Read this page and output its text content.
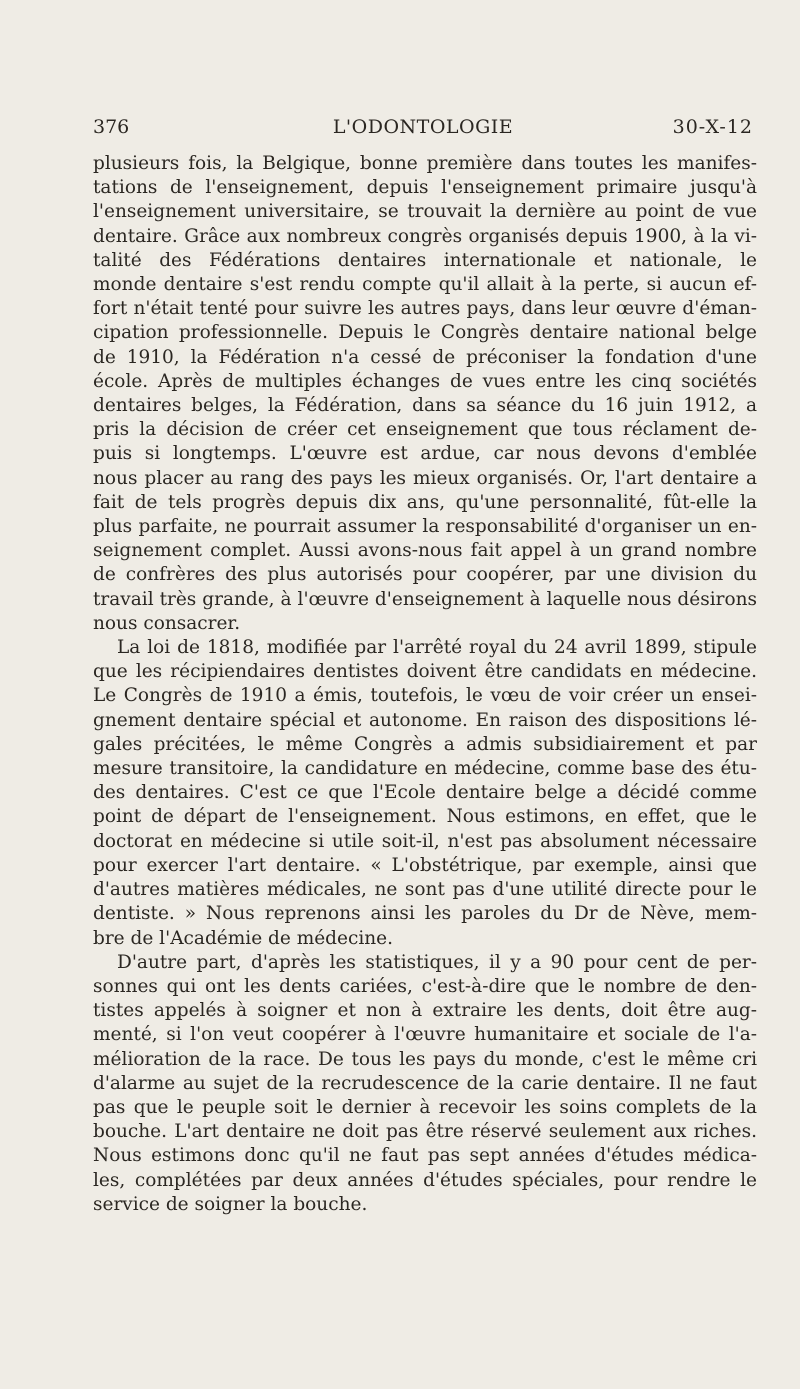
376	L'ODONTOLOGIE	30-X-12
plusieurs fois, la Belgique, bonne première dans toutes les manifes-
tations de l'enseignement, depuis l'enseignement primaire jusqu'à
l'enseignement universitaire, se trouvait la dernière au point de vue
dentaire. Grâce aux nombreux congrès organisés depuis 1900, à la vi-
talité des Fédérations dentaires internationale et nationale, le
monde dentaire s'est rendu compte qu'il allait à la perte, si aucun ef-
fort n'était tenté pour suivre les autres pays, dans leur œuvre d'éman-
cipation professionnelle. Depuis le Congrès dentaire national belge
de 1910, la Fédération n'a cessé de préconiser la fondation d'une
école. Après de multiples échanges de vues entre les cinq sociétés
dentaires belges, la Fédération, dans sa séance du 16 juin 1912, a
pris la décision de créer cet enseignement que tous réclament de-
puis si longtemps. L'œuvre est ardue, car nous devons d'emblée
nous placer au rang des pays les mieux organisés. Or, l'art dentaire a
fait de tels progrès depuis dix ans, qu'une personnalité, fût-elle la
plus parfaite, ne pourrait assumer la responsabilité d'organiser un en-
seignement complet. Aussi avons-nous fait appel à un grand nombre
de confrères des plus autorisés pour coopérer, par une division du
travail très grande, à l'œuvre d'enseignement à laquelle nous désirons
nous consacrer.
La loi de 1818, modifiée par l'arrêté royal du 24 avril 1899, stipule
que les récipiendaires dentistes doivent être candidats en médecine.
Le Congrès de 1910 a émis, toutefois, le vœu de voir créer un ensei-
gnement dentaire spécial et autonome. En raison des dispositions lé-
gales précitées, le même Congrès a admis subsidiairement et par
mesure transitoire, la candidature en médecine, comme base des étu-
des dentaires. C'est ce que l'Ecole dentaire belge a décidé comme
point de départ de l'enseignement. Nous estimons, en effet, que le
doctorat en médecine si utile soit-il, n'est pas absolument nécessaire
pour exercer l'art dentaire. « L'obstétrique, par exemple, ainsi que
d'autres matières médicales, ne sont pas d'une utilité directe pour le
dentiste. » Nous reprenons ainsi les paroles du Dr de Nève, mem-
bre de l'Académie de médecine.
D'autre part, d'après les statistiques, il y a 90 pour cent de per-
sonnes qui ont les dents cariées, c'est-à-dire que le nombre de den-
tistes appelés à soigner et non à extraire les dents, doit être aug-
menté, si l'on veut coopérer à l'œuvre humanitaire et sociale de l'a-
mélioration de la race. De tous les pays du monde, c'est le même cri
d'alarme au sujet de la recrudescence de la carie dentaire. Il ne faut
pas que le peuple soit le dernier à recevoir les soins complets de la
bouche. L'art dentaire ne doit pas être réservé seulement aux riches.
Nous estimons donc qu'il ne faut pas sept années d'études médica-
les, complétées par deux années d'études spéciales, pour rendre le
service de soigner la bouche.
